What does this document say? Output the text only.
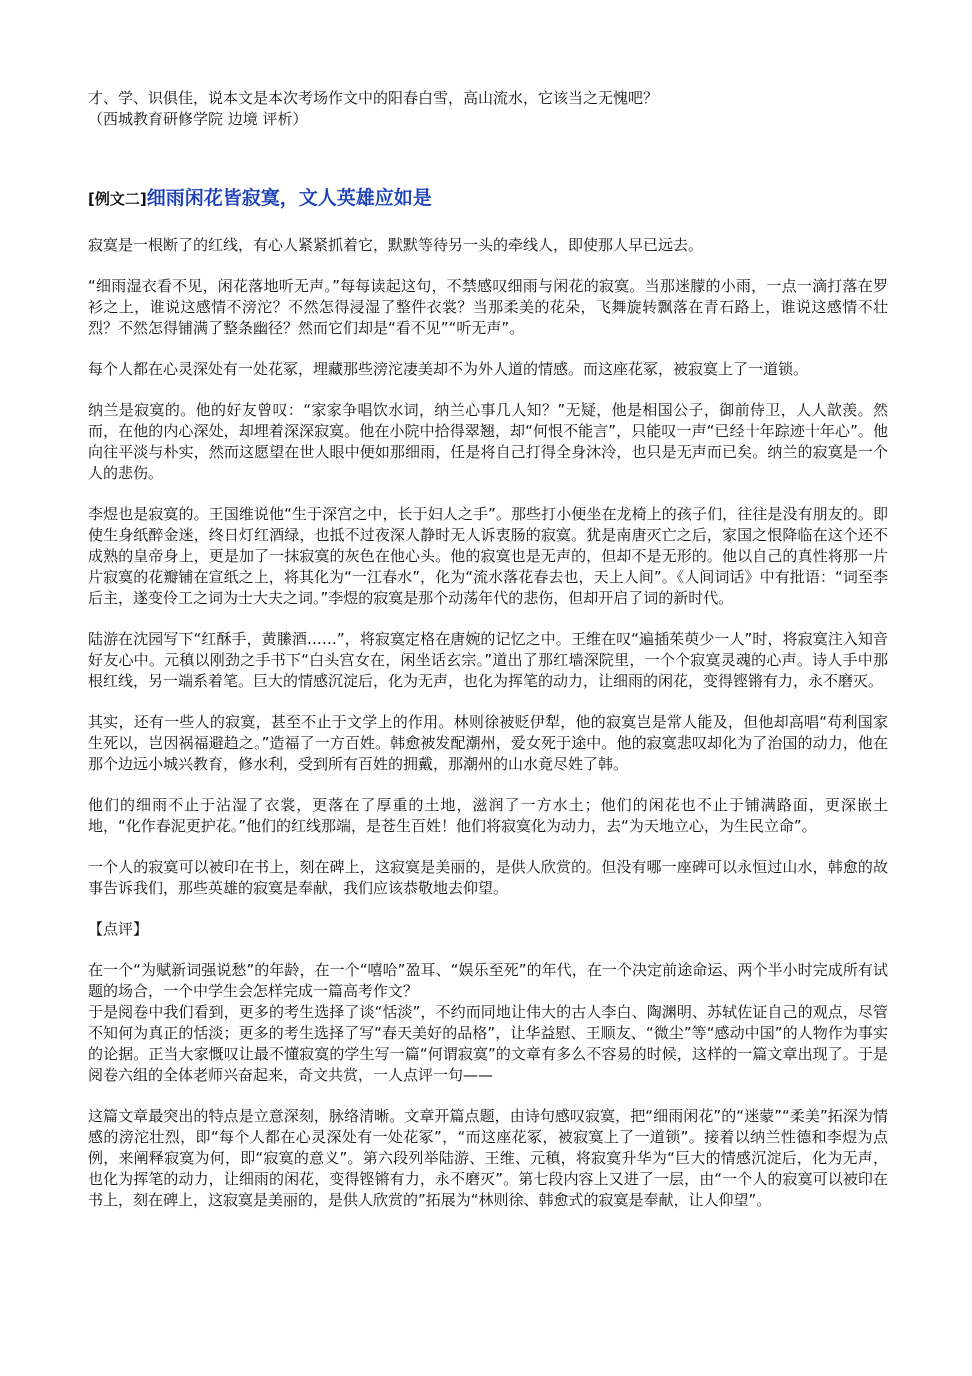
才、学、识俱佳，说本文是本次考场作文中的阳春白雪，高山流水，它该当之无愧吧？

（西城教育研修学院 边境 评析）

[例文二]细雨闲花皆寂寞，文人英雄应如是

寂寞是一根断了的红线，有心人紧紧抓着它，默默等待另一头的牵线人，即使那人早已远去。

“细雨湿衣看不见，闲花落地听无声。”每每读起这句，不禁感叹细雨与闲花的寂寞。当那迷朦的小雨，一点一滴打落在罗衫之上，谁说这感情不滂沱？不然怎得浸湿了整件衣裳？当那柔美的花朵，飞舞旋转飘落在青石路上，谁说这感情不壮烈？不然怎得铺满了整条幽径？然而它们却是“看不见”“听无声”。

每个人都在心灵深处有一处花冢，埋藏那些滂沱凄美却不为外人道的情感。而这座花冢，被寂寞上了一道锁。

纳兰是寂寞的。他的好友曾叹：“家家争唱饮水词，纳兰心事几人知？”无疑，他是相国公子，御前侍卫，人人歆羡。然而，在他的内心深处，却埋着深深寂寞。他在小院中拾得翠翘，却“何恨不能言”，只能叹一声“已经十年踪迹十年心”。他向往平淡与朴实，然而这愿望在世人眼中便如那细雨，任是将自己打得全身沐泠，也只是无声而已矣。纳兰的寂寞是一个人的悲伤。

李煜也是寂寞的。王国维说他“生于深宫之中，长于妇人之手”。那些打小便坐在龙椅上的孩子们，往往是没有朋友的。即使生身纸醉金迷，终日灯红酒绿，也抵不过夜深人静时无人诉衷肠的寂寞。犹是南唐灭亡之后，家国之恨降临在这个还不成熟的皇帝身上，更是加了一抹寂寞的灰色在他心头。他的寂寞也是无声的，但却不是无形的。他以自己的真性将那一片片寂寞的花瓣铺在宣纸之上，将其化为“一江春水”，化为“流水落花春去也，天上人间”。《人间词话》中有批语：“词至李后主，遂变伶工之词为士大夫之词。”李煜的寂寞是那个动荡年代的悲伤，但却开启了词的新时代。

陆游在沈园写下“红酥手，黄縢酒……”，将寂寞定格在唐婉的记忆之中。王维在叹“遍插茱萸少一人”时，将寂寞注入知音好友心中。元稹以刚劲之手书下“白头宫女在，闲坐话玄宗。”道出了那红墙深院里，一个个寂寞灵魂的心声。诗人手中那根红线，另一端系着笔。巨大的情感沉淀后，化为无声，也化为挥笔的动力，让细雨的闲花，变得铿锵有力，永不磨灭。

其实，还有一些人的寂寞，甚至不止于文学上的作用。林则徐被贬伊犁，他的寂寞岂是常人能及，但他却高唱“苟利国家生死以，岂因祸福避趋之。”造福了一方百姓。韩愈被发配潮州，爱女死于途中。他的寂寞悲叹却化为了治国的动力，他在那个边远小城兴教育，修水利，受到所有百姓的拥戴，那潮州的山水竟尽姓了韩。

他们的细雨不止于沾湿了衣裳，更落在了厚重的土地，滋润了一方水土；他们的闲花也不止于铺满路面，更深嵌土地，“化作春泥更护花。”他们的红线那端，是苍生百姓！他们将寂寞化为动力，去“为天地立心，为生民立命”。

一个人的寂寞可以被印在书上，刻在碑上，这寂寞是美丽的，是供人欣赏的。但没有哪一座碑可以永恒过山水，韩愈的故事告诉我们，那些英雄的寂寞是奉献，我们应该恭敬地去仰望。

【点评】

在一个“为赋新词强说愁”的年龄，在一个“嘻哈”盈耳、“娱乐至死”的年代，在一个决定前途命运、两个半小时完成所有试题的场合，一个中学生会怎样完成一篇高考作文？

于是阅卷中我们看到，更多的考生选择了谈“恬淡”，不约而同地让伟大的古人李白、陶渊明、苏轼佐证自己的观点，尽管不知何为真正的恬淡；更多的考生选择了写“春天美好的品格”，让华益慰、王顺友、“微尘”等“感动中国”的人物作为事实的论据。正当大家慨叹让最不懂寂寞的学生写一篇“何谓寂寞”的文章有多么不容易的时候，这样的一篇文章出现了。于是阅卷六组的全体老师兴奋起来，奇文共赏，一人点评一句——

这篇文章最突出的特点是立意深刻，脉络清晰。文章开篇点题，由诗句感叹寂寞，把“细雨闲花”的“迷蒙”“柔美”拓深为情感的滂沱壮烈，即“每个人都在心灵深处有一处花冢”，“而这座花冢，被寂寞上了一道锁”。接着以纳兰性德和李煜为点例，来阐释寂寞为何，即“寂寞的意义”。第六段列举陆游、王维、元稹，将寂寞升华为“巨大的情感沉淀后，化为无声，也化为挥笔的动力，让细雨的闲花，变得铿锵有力，永不磨灭”。第七段内容上又进了一层，由“一个人的寂寞可以被印在书上，刻在碑上，这寂寞是美丽的，是供人欣赏的”拓展为“林则徐、韩愈式的寂寞是奉献，让人仰望”。
